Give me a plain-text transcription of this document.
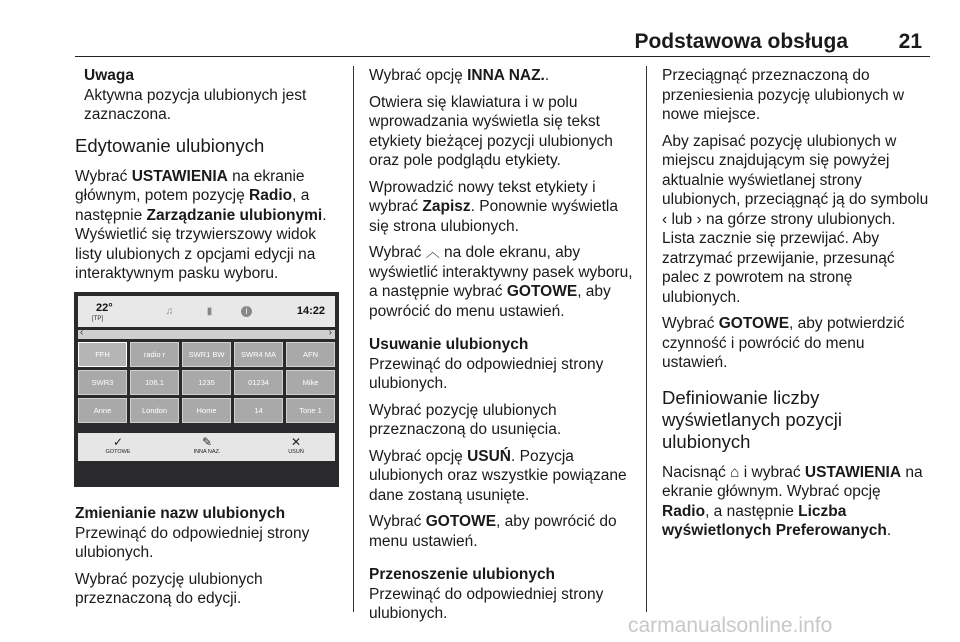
Podstawowa obsługa 21

Uwaga
Aktywna pozycja ulubionych jest zaznaczona.

Edytowanie ulubionych

Wybrać USTAWIENIA na ekranie głównym, potem pozycję Radio, a następnie Zarządzanie ulubionymi. Wyświetlić się trzywierszowy widok listy ulubionych z opcjami edycji na interaktywnym pasku wyboru.

22°
[TP]
♫	▮	i	14:22
‹	›
FFH	radio r	SWR1 BW	SWR4 MA	AFN
SWR3	106.1	1235	01234	Mike
Anne	London	Home	14	Tone 1
✓
GOTOWE
✎
INNA NAZ.
✕
USUŃ

Zmienianie nazw ulubionych

Przewinąć do odpowiedniej strony ulubionych.

Wybrać pozycję ulubionych przeznaczoną do edycji.

Wybrać opcję INNA NAZ..

Otwiera się klawiatura i w polu wprowadzania wyświetla się tekst etykiety bieżącej pozycji ulubionych oraz pole podglądu etykiety.

Wprowadzić nowy tekst etykiety i wybrać Zapisz. Ponownie wyświetla się strona ulubionych.

Wybrać ︿ na dole ekranu, aby wyświetlić interaktywny pasek wyboru, a następnie wybrać GOTOWE, aby powrócić do menu ustawień.

Usuwanie ulubionych

Przewinąć do odpowiedniej strony ulubionych.

Wybrać pozycję ulubionych przeznaczoną do usunięcia.

Wybrać opcję USUŃ. Pozycja ulubionych oraz wszystkie powiązane dane zostaną usunięte.

Wybrać GOTOWE, aby powrócić do menu ustawień.

Przenoszenie ulubionych

Przewinąć do odpowiedniej strony ulubionych.

Przeciągnąć przeznaczoną do przeniesienia pozycję ulubionych w nowe miejsce.

Aby zapisać pozycję ulubionych w miejscu znajdującym się powyżej aktualnie wyświetlanej strony ulubionych, przeciągnąć ją do symbolu ‹ lub › na górze strony ulubionych. Lista zacznie się przewijać. Aby zatrzymać przewijanie, przesunąć palec z powrotem na stronę ulubionych.

Wybrać GOTOWE, aby potwierdzić czynność i powrócić do menu ustawień.

Definiowanie liczby wyświetlanych pozycji ulubionych

Nacisnąć ⌂ i wybrać USTAWIENIA na ekranie głównym. Wybrać opcję Radio, a następnie Liczba wyświetlonych Preferowanych.

carmanualsonline.info
